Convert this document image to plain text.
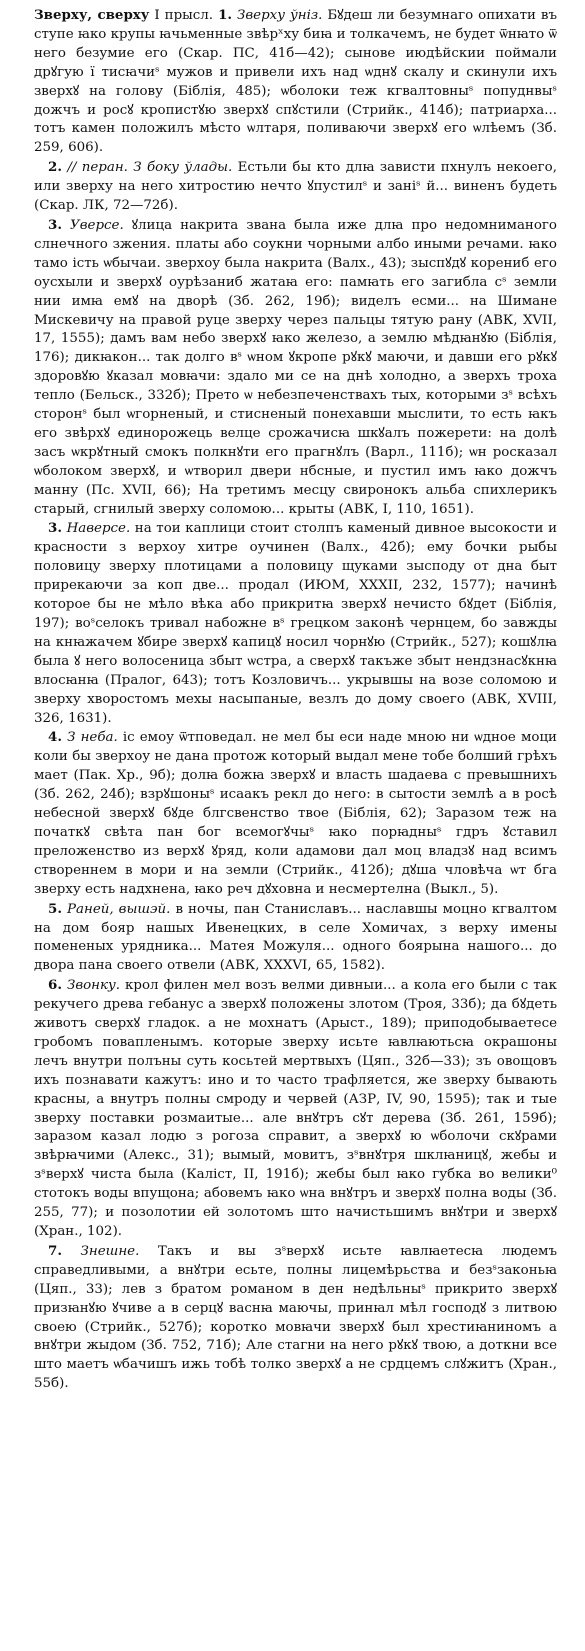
Зверху, сверху I прысл. 1. Зверху ўніз. Бꙋдеш ли безумнаго опихати въ ступе ꙗко крупы ꙗчьменные звѣрˣху биꙗ и толкачемъ, не будет ѿнꙗто ѿ него безумие его (Скар. ПС, 41б—42); сынове июдѣйскии поймали дрꙋгую ї тисꙗчиˢ мужов и привели ихъ над ѡднꙋ скалу и скинули ихъ зверхꙋ на голову (Біблія, 485); ѡболоки теж кгвалтовныˢ попуднвыˢ дожчъ и росꙋ кропистꙋю зверхꙋ спꙋстили (Стрийк., 414б); патриарха... тотъ камен положилъ мѣсто ѡлтаря, поливаючи зверхꙋ его ѡлѣемъ (Зб. 259, 606).

2. // перан. З боку ўлады. Естьли бы кто длꙗ зависти пхнулъ некоего, или зверху на него хитростию нечто ꙋпустилˢ и заніˢ й... виненъ будеть (Скар. ЛК, 72—72б).

3. Уверсе. ꙋлица накрита звана была иже длꙗ про недомниманого слнечного зжения. платы або соукни чорными албо иными речами. ꙗко тамо iсть ѡбычаи. зверхоу была накрита (Валх., 43); зыспꙋдꙋ корениб его оусхыли и зверхꙋ оурѣзаниб жатаꙗ его: памꙗть его загибла сˢ земли нии имꙗ емꙋ на дворѣ (Зб. 262, 19б); виделъ есми... на Шимане Мискевичу на правой руце зверху через пальцы тятую рану (АВК, XVII, 17, 1555); дамъ вам небо зверхꙋ ꙗко железо, а землю мѣдꙗнꙋю (Біблія, 176); дикꙗкон... так долго вˢ ѡном ꙋкропе рꙋкꙋ маючи, и давши его рꙋкꙋ здоровꙋю ꙋказал мовꙗчи: здало ми се на днѣ холодно, а зверхъ троха тепло (Бельск., 332б); Прето ѡ небезпеченствахъ тых, которыми зˢ всѣхъ сторонˢ был ѡгорненый, и стисненый понехавши мыслити, то есть ꙗкъ его звѣрхꙋ единорожець велце срожачисꙗ шкꙋалъ пожерети: на долѣ засъ ѡкрꙋтный смокъ полкнꙋти его прагнꙋлъ (Варл., 111б); ѡн росказал ѡболоком зверхꙋ, и ѡтворил двери нбсные, и пустил имъ ꙗко дожчъ манну (Пс. XVII, 66); На третимъ месцу свиронокъ альба спихлерикъ старый, сгнилый зверху соломою... крыты (АВК, I, 110, 1651).

3. Наверсе. на тои каплици стоит столпъ каменый дивное высокости и красности з верхоу хитре оучинен (Валх., 42б); ему бочки рыбы половицу зверху плотицами а половицу щуками зысподу от дна быт прирекаючи за коп две... продал (ИЮМ, XXXII, 232, 1577); начинѣ которое бы не мѣло вѣка або прикритꙗ зверхꙋ нечисто бꙋдет (Біблія, 197); воˢселокъ тривал набожне вˢ грецком законѣ чернцем, бо завжды на кнꙗжачем ꙋбире зверхꙋ капицꙋ носил чорнꙋю (Стрийк., 527); кошꙋлꙗ была ꙋ него волосеница збыт ѡстра, а сверхꙋ такъже збыт нендзнасꙋкнꙗ влосꙗнꙗ (Пралог, 643); тотъ Козловичъ... укрывшы на возе соломою и зверху хворостомъ мехы насыпаные, везлъ до дому своего (АВК, XVIII, 326, 1631).

4. З неба. ic емоу ѿтповедал. не мел бы еси наде мною ни ѡдное моци коли бы зверхоу не дана протож который выдал мене тобе болший грѣхъ мает (Пак. Хр., 9б); долꙗ божꙗ зверхꙋ и власть шадаева с превышнихъ (Зб. 262, 24б); взрꙋшоныˢ исаакъ рекл до него: в сытости землѣ а в росѣ небесной зверхꙋ бꙋде блгсвенство твое (Біблія, 62); Заразом теж на початкꙋ свѣта пан бог всемогꙋчыˢ ꙗко порꙗдныˢ гдръ ꙋставил преложенство из верхꙋ ꙋряд, коли адамови дал моц владзꙋ над всимъ створеннем в мори и на земли (Стрийк., 412б); дꙋша чловѣча ѡт бга зверху есть надхнена, ꙗко реч дꙋховна и несмертелна (Выкл., 5).

5. Раней, вышэй. в ночы, пан Станиславъ... наславшы моцно кгвалтом на дом бояр нашых Ивенецких, в селе Хомичах, з верху имены помененых урядника... Матея Можуля... одного боярына нашого... до двора пана своего отвели (АВК, XXXVI, 65, 1582).

6. Звонку. крол филен мел возъ велми дивныи... а кола его были с так рекучего древа гебанус а зверхꙋ положены злотом (Троя, 33б); да бꙋдеть животъ сверхꙋ гладок. а не мохнатъ (Арыст., 189); приподобываетесе гробомъ повапленымъ. которые зверху исьте ꙗвлꙗютьсꙗ окрашоны лечъ внутри полъны суть косьтей мертвыхъ (Цяп., 32б—33); зъ овощовъ ихъ познавати кажутъ: ино и то часто трафляется, же зверху бывають красны, а внутръ полны смроду и червей (АЗР, IV, 90, 1595); так и тые зверху поставки розмаитые... але внꙋтръ сꙋт дерева (Зб. 261, 159б); заразом казал лодю з рогоза справит, а зверхꙋ ю ѡболочи скꙋрами звѣрꙗчими (Алекс., 31); вымый, мовитъ, зˢвнꙋтря шклꙗницꙋ, жебы и зˢверхꙋ чиста была (Каліст, II, 191б); жебы был ꙗко губка во велики⁰ стотокъ воды впущона; абовемъ ꙗко ѡна внꙋтръ и зверхꙋ полна воды (Зб. 255, 77); и позолотии ей золотомъ што начистьшимъ внꙋтри и зверхꙋ (Хран., 102).

7. Знешне. Такъ и вы зˢверхꙋ исьте ꙗвлꙗетесꙗ людемъ справедливыми, а внꙋтри есьте, полны лицемѣрьства и безˢзаконьꙗ (Цяп., 33); лев з братом романом в ден недѣльныˢ прикрито зверхꙋ призꙗнꙋю ꙋчиве а в серцꙋ васнꙗ маючы, принꙗл мѣл господꙋ з литвою своею (Стрийк., 527б); коротко мовꙗчи зверхꙋ был хрестиꙗниномъ а внꙋтри жыдом (Зб. 752, 71б); Але стагни на него рꙋкꙋ твою, а доткни все што маетъ ѡбачишъ ижь тобѣ толко зверхꙋ а не срдцемъ слꙋжитъ (Хран., 55б).
